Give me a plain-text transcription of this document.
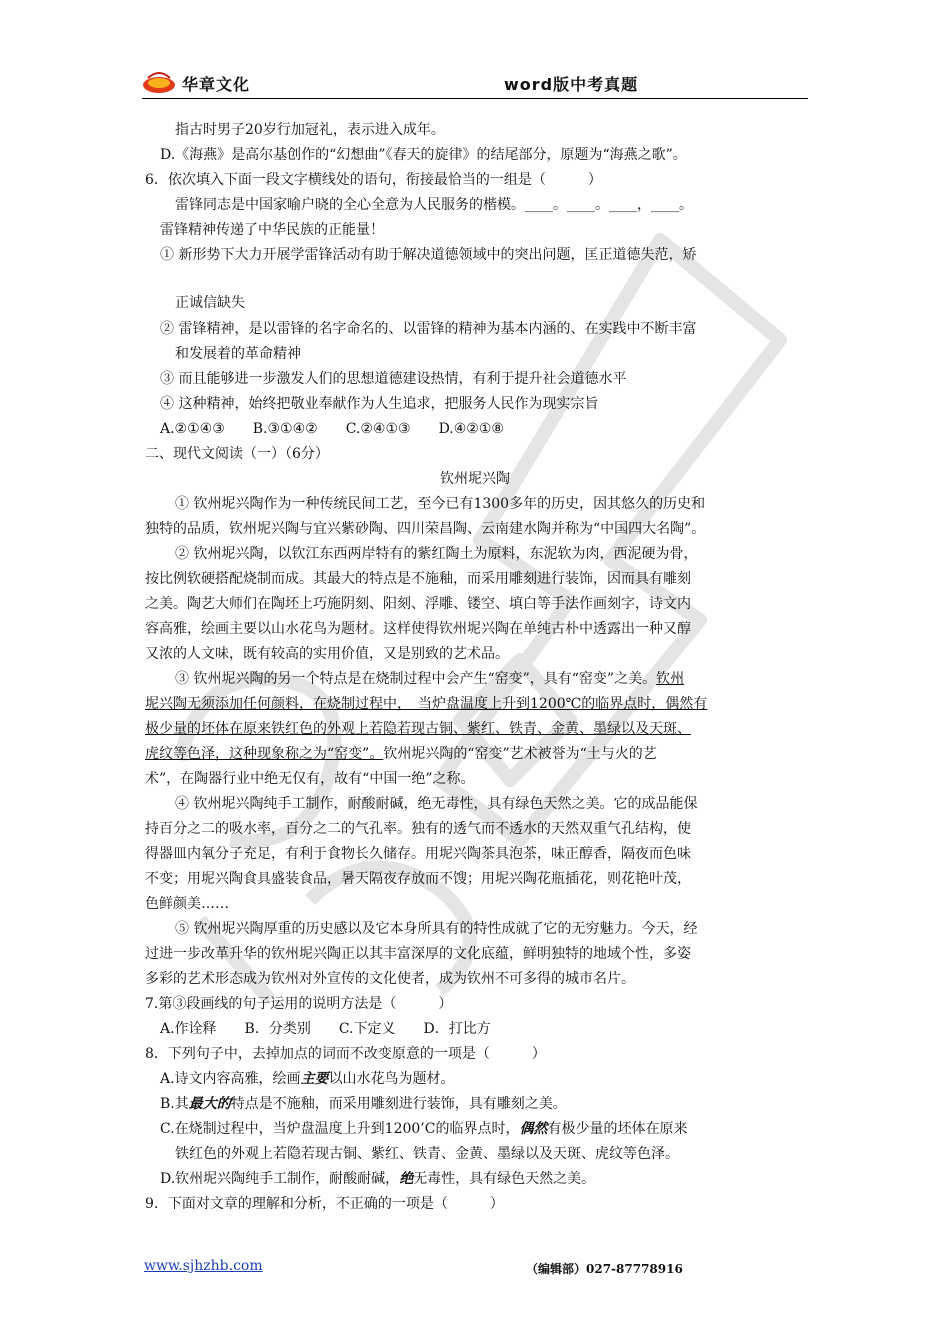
华章文化	word版中考真题
指古时男子20岁行加冠礼，表示进入成年。
D.《海燕》是高尔基创作的“幻想曲”《春天的旋律》的结尾部分，原题为“海燕之歌”。
6．依次填入下面一段文字横线处的语句，衔接最恰当的一组是（　　　）
雷锋同志是中国家喻户晓的全心全意为人民服务的楷模。____。____。____，____。
雷锋精神传递了中华民族的正能量！
① 新形势下大力开展学雷锋活动有助于解决道德领域中的突出问题，匡正道德失范，矫
正诚信缺失
② 雷锋精神，是以雷锋的名字命名的、以雷锋的精神为基本内涵的、在实践中不断丰富
和发展着的革命精神
③ 而且能够进一步激发人们的思想道德建设热情，有利于提升社会道德水平
④ 这种精神，始终把敬业奉献作为人生追求，把服务人民作为现实宗旨
A.②①④③　　B.③①④②　　C.②④①③　　D.④②①⑧
二、现代文阅读（一）（6分）
钦州坭兴陶
① 钦州坭兴陶作为一种传统民间工艺，至今已有1300多年的历史，因其悠久的历史和
独特的品质，钦州坭兴陶与宜兴紫砂陶、四川荣昌陶、云南建水陶并称为“中国四大名陶”。
② 钦州坭兴陶，以钦江东西两岸特有的紫红陶土为原料，东泥软为肉，西泥硬为骨，
按比例软硬搭配烧制而成。其最大的特点是不施釉，而采用雕刻进行装饰，因而具有雕刻
之美。陶艺大师们在陶坯上巧施阴刻、阳刻、浮雕、镂空、填白等手法作画刻字，诗文内
容高雅，绘画主要以山水花鸟为题材。这样使得钦州坭兴陶在单纯古朴中透露出一种又醇
又浓的人文味，既有较高的实用价值，又是别致的艺术品。
③ 钦州坭兴陶的另一个特点是在烧制过程中会产生“窑变”，具有“窑变”之美。钦州
坭兴陶无须添加任何颜料，在烧制过程中，　当炉盘温度上升到1200℃的临界点时，偶然有
极少量的坯体在原来铁红色的外观上若隐若现古铜、紫红、铁青、金黄、墨绿以及天斑、
虎纹等色泽，这种现象称之为“窑变”。钦州坭兴陶的“窑变”艺术被誉为“土与火的艺
术”，在陶器行业中绝无仅有，故有“中国一绝”之称。
④ 钦州坭兴陶纯手工制作，耐酸耐碱，绝无毒性，具有绿色天然之美。它的成品能保
持百分之二的吸水率，百分之二的气孔率。独有的透气而不透水的天然双重气孔结构，使
得器皿内氧分子充足，有利于食物长久储存。用坭兴陶茶具泡茶，味正醇香，隔夜而色味
不变；用坭兴陶食具盛装食品，暑天隔夜存放而不馊；用坭兴陶花瓶插花，则花艳叶茂，
色鲜颜美……
⑤ 钦州坭兴陶厚重的历史感以及它本身所具有的特性成就了它的无穷魅力。今天，经
过进一步改革升华的钦州坭兴陶正以其丰富深厚的文化底蕴，鲜明独特的地域个性，多姿
多彩的艺术形态成为钦州对外宣传的文化使者，成为钦州不可多得的城市名片。
7.第③段画线的句子运用的说明方法是（　　　）
A.作诠释　　B．分类别　　C.下定义　　D．打比方
8．下列句子中，去掉加点的词而不改变原意的一项是（　　　）
A.诗文内容高雅，绘画主要以山水花鸟为题材。
B.其最大的特点是不施釉，而采用雕刻进行装饰，具有雕刻之美。
C.在烧制过程中，当炉盘温度上升到1200’C的临界点时，偶然有极少量的坯体在原来
铁红色的外观上若隐若现古铜、紫红、铁青、金黄、墨绿以及天斑、虎纹等色泽。
D.钦州坭兴陶纯手工制作，耐酸耐碱，绝无毒性，具有绿色天然之美。
9．下面对文章的理解和分析，不正确的一项是（　　　）
www.sjhzhb.com	（编辑部）027-87778916
